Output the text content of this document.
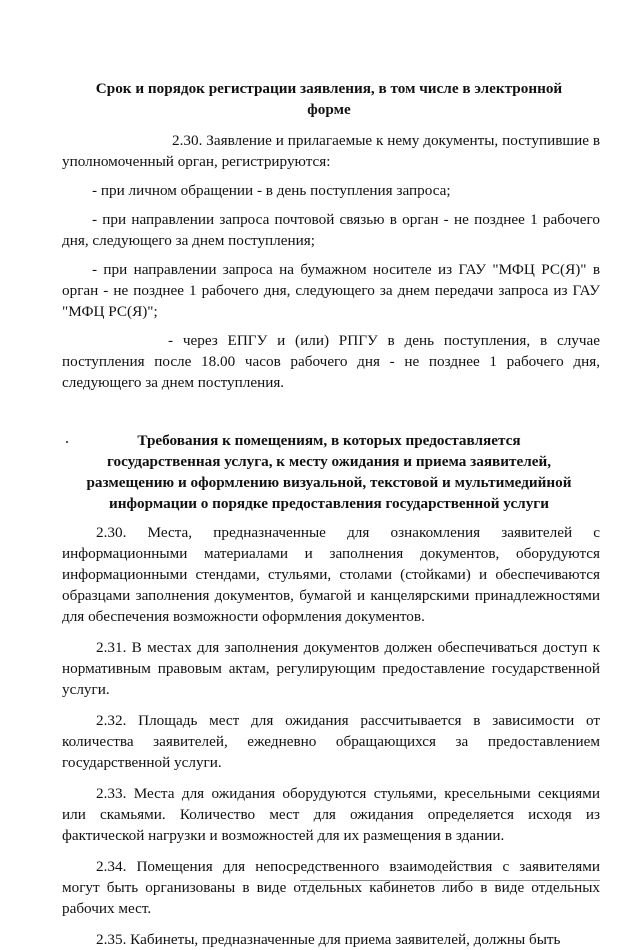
Срок и порядок регистрации заявления, в том числе в электронной
форме

2.30. Заявление и прилагаемые к нему документы, поступившие в уполномоченный орган, регистрируются:

- при личном обращении - в день поступления запроса;

- при направлении запроса почтовой связью в орган - не позднее 1 рабочего дня, следующего за днем поступления;

- при направлении запроса на бумажном носителе из ГАУ "МФЦ РС(Я)" в орган - не позднее 1 рабочего дня, следующего за днем передачи запроса из ГАУ "МФЦ РС(Я)";

- через ЕПГУ и (или) РПГУ в день поступления, в случае поступления после 18.00 часов рабочего дня - не позднее 1 рабочего дня, следующего за днем поступления.

Требования к помещениям, в которых предоставляется
государственная услуга, к месту ожидания и приема заявителей,
размещению и оформлению визуальной, текстовой и мультимедийной
информации о порядке предоставления государственной услуги

2.30. Места, предназначенные для ознакомления заявителей с информационными материалами и заполнения документов, оборудуются информационными стендами, стульями, столами (стойками) и обеспечиваются образцами заполнения документов, бумагой и канцелярскими принадлежностями для обеспечения возможности оформления документов.

2.31. В местах для заполнения документов должен обеспечиваться доступ к нормативным правовым актам, регулирующим предоставление государственной услуги.

2.32. Площадь мест для ожидания рассчитывается в зависимости от количества заявителей, ежедневно обращающихся за предоставлением государственной услуги.

2.33. Места для ожидания оборудуются стульями, кресельными секциями или скамьями. Количество мест для ожидания определяется исходя из фактической нагрузки и возможностей для их размещения в здании.

2.34. Помещения для непосредственного взаимодействия с заявителями могут быть организованы в виде отдельных кабинетов либо в виде отдельных рабочих мест.

2.35. Кабинеты, предназначенные для приема заявителей, должны быть
